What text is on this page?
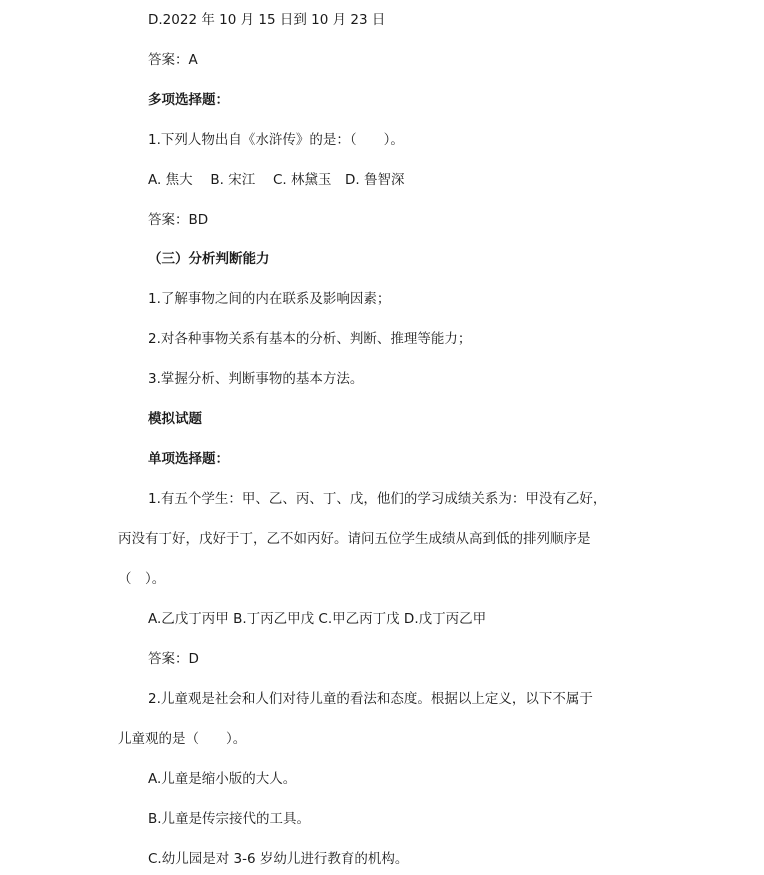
D.2022 年 10 月 15 日到 10 月 23 日
答案：A
多项选择题：
1.下列人物出自《水浒传》的是：（　　）。
A. 焦大　 B. 宋江　 C. 林黛玉　D. 鲁智深
答案：BD
（三）分析判断能力
1.了解事物之间的内在联系及影响因素；
2.对各种事物关系有基本的分析、判断、推理等能力；
3.掌握分析、判断事物的基本方法。
模拟试题
单项选择题：
1.有五个学生：甲、乙、丙、丁、戊，他们的学习成绩关系为：甲没有乙好，
丙没有丁好，戊好于丁，乙不如丙好。请问五位学生成绩从高到低的排列顺序是
（　）。
A.乙戊丁丙甲 B.丁丙乙甲戊 C.甲乙丙丁戊 D.戊丁丙乙甲
答案：D
2.儿童观是社会和人们对待儿童的看法和态度。根据以上定义，以下不属于
儿童观的是（　　）。
A.儿童是缩小版的大人。
B.儿童是传宗接代的工具。
C.幼儿园是对 3-6 岁幼儿进行教育的机构。
